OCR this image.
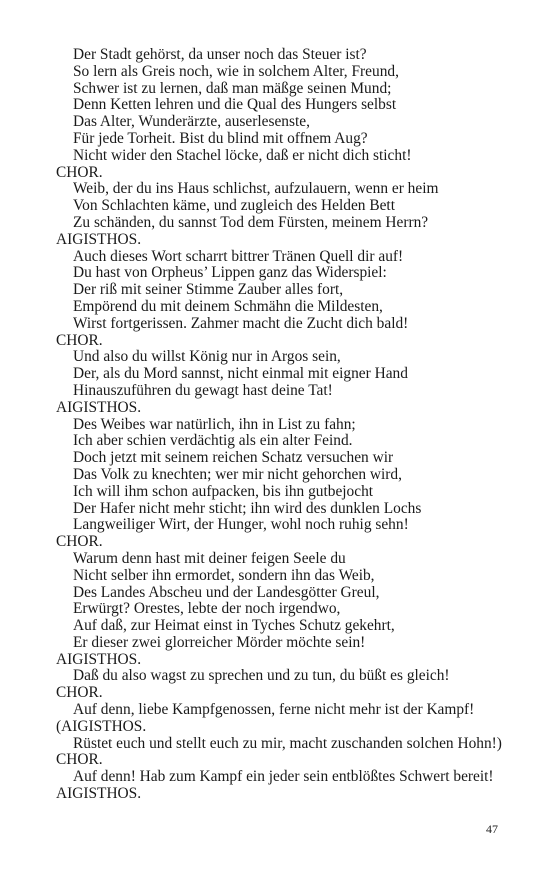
Der Stadt gehörst, da unser noch das Steuer ist?
So lern als Greis noch, wie in solchem Alter, Freund,
Schwer ist zu lernen, daß man mäßge seinen Mund;
Denn Ketten lehren und die Qual des Hungers selbst
Das Alter, Wunderärzte, auserlesenste,
Für jede Torheit. Bist du blind mit offnem Aug?
Nicht wider den Stachel löcke, daß er nicht dich sticht!
CHOR.
Weib, der du ins Haus schlichst, aufzulauern, wenn er heim
Von Schlachten käme, und zugleich des Helden Bett
Zu schänden, du sannst Tod dem Fürsten, meinem Herrn?
AIGISTHOS.
Auch dieses Wort scharrt bittrer Tränen Quell dir auf!
Du hast von Orpheus’ Lippen ganz das Widerspiel:
Der riß mit seiner Stimme Zauber alles fort,
Empörend du mit deinem Schmähn die Mildesten,
Wirst fortgerissen. Zahmer macht die Zucht dich bald!
CHOR.
Und also du willst König nur in Argos sein,
Der, als du Mord sannst, nicht einmal mit eigner Hand
Hinauszuführen du gewagt hast deine Tat!
AIGISTHOS.
Des Weibes war natürlich, ihn in List zu fahn;
Ich aber schien verdächtig als ein alter Feind.
Doch jetzt mit seinem reichen Schatz versuchen wir
Das Volk zu knechten; wer mir nicht gehorchen wird,
Ich will ihm schon aufpacken, bis ihn gutbejocht
Der Hafer nicht mehr sticht; ihn wird des dunklen Lochs
Langweiliger Wirt, der Hunger, wohl noch ruhig sehn!
CHOR.
Warum denn hast mit deiner feigen Seele du
Nicht selber ihn ermordet, sondern ihn das Weib,
Des Landes Abscheu und der Landesgötter Greul,
Erwürgt? Orestes, lebte der noch irgendwo,
Auf daß, zur Heimat einst in Tyches Schutz gekehrt,
Er dieser zwei glorreicher Mörder möchte sein!
AIGISTHOS.
Daß du also wagst zu sprechen und zu tun, du büßt es gleich!
CHOR.
Auf denn, liebe Kampfgenossen, ferne nicht mehr ist der Kampf!
(AIGISTHOS.
Rüstet euch und stellt euch zu mir, macht zuschanden solchen Hohn!)
CHOR.
Auf denn! Hab zum Kampf ein jeder sein entblößtes Schwert bereit!
AIGISTHOS.
47
